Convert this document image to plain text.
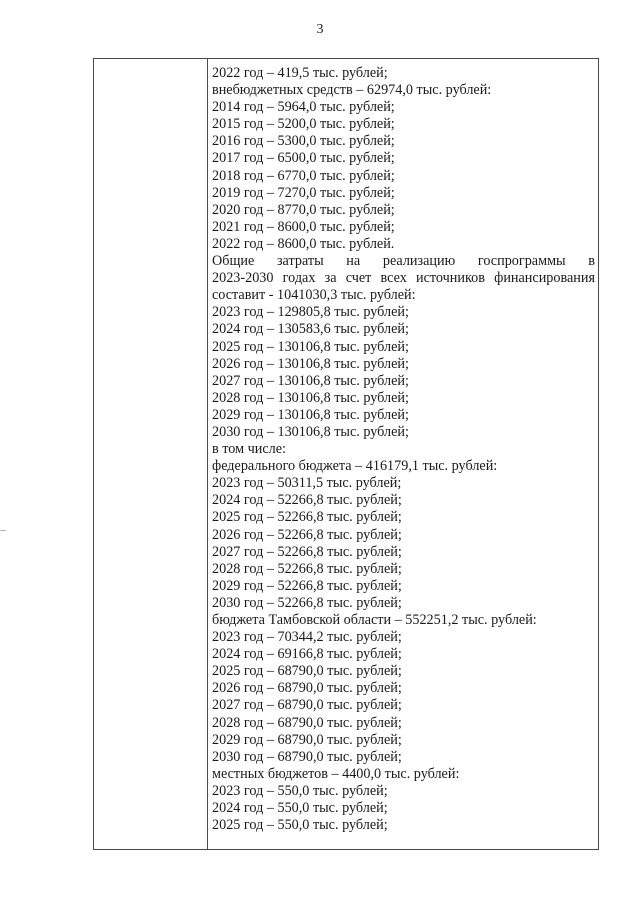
3
2022 год – 419,5 тыс. рублей;
внебюджетных средств – 62974,0 тыс. рублей:
2014 год – 5964,0 тыс. рублей;
2015 год – 5200,0 тыс. рублей;
2016 год – 5300,0 тыс. рублей;
2017 год – 6500,0 тыс. рублей;
2018 год – 6770,0 тыс. рублей;
2019 год – 7270,0 тыс. рублей;
2020 год – 8770,0 тыс. рублей;
2021 год – 8600,0 тыс. рублей;
2022 год – 8600,0 тыс. рублей.
Общие затраты на реализацию госпрограммы в
2023-2030 годах за счет всех источников финансирования
составит - 1041030,3 тыс. рублей:
2023 год – 129805,8 тыс. рублей;
2024 год – 130583,6 тыс. рублей;
2025 год – 130106,8 тыс. рублей;
2026 год – 130106,8 тыс. рублей;
2027 год – 130106,8 тыс. рублей;
2028 год – 130106,8 тыс. рублей;
2029 год – 130106,8 тыс. рублей;
2030 год – 130106,8 тыс. рублей;
в том числе:
федерального бюджета – 416179,1 тыс. рублей:
2023 год – 50311,5 тыс. рублей;
2024 год – 52266,8 тыс. рублей;
2025 год – 52266,8 тыс. рублей;
2026 год – 52266,8 тыс. рублей;
2027 год – 52266,8 тыс. рублей;
2028 год – 52266,8 тыс. рублей;
2029 год – 52266,8 тыс. рублей;
2030 год – 52266,8 тыс. рублей;
бюджета Тамбовской области – 552251,2 тыс. рублей:
2023 год – 70344,2 тыс. рублей;
2024 год – 69166,8 тыс. рублей;
2025 год – 68790,0 тыс. рублей;
2026 год – 68790,0 тыс. рублей;
2027 год – 68790,0 тыс. рублей;
2028 год – 68790,0 тыс. рублей;
2029 год – 68790,0 тыс. рублей;
2030 год – 68790,0 тыс. рублей;
местных бюджетов – 4400,0 тыс. рублей:
2023 год – 550,0 тыс. рублей;
2024 год – 550,0 тыс. рублей;
2025 год – 550,0 тыс. рублей;
